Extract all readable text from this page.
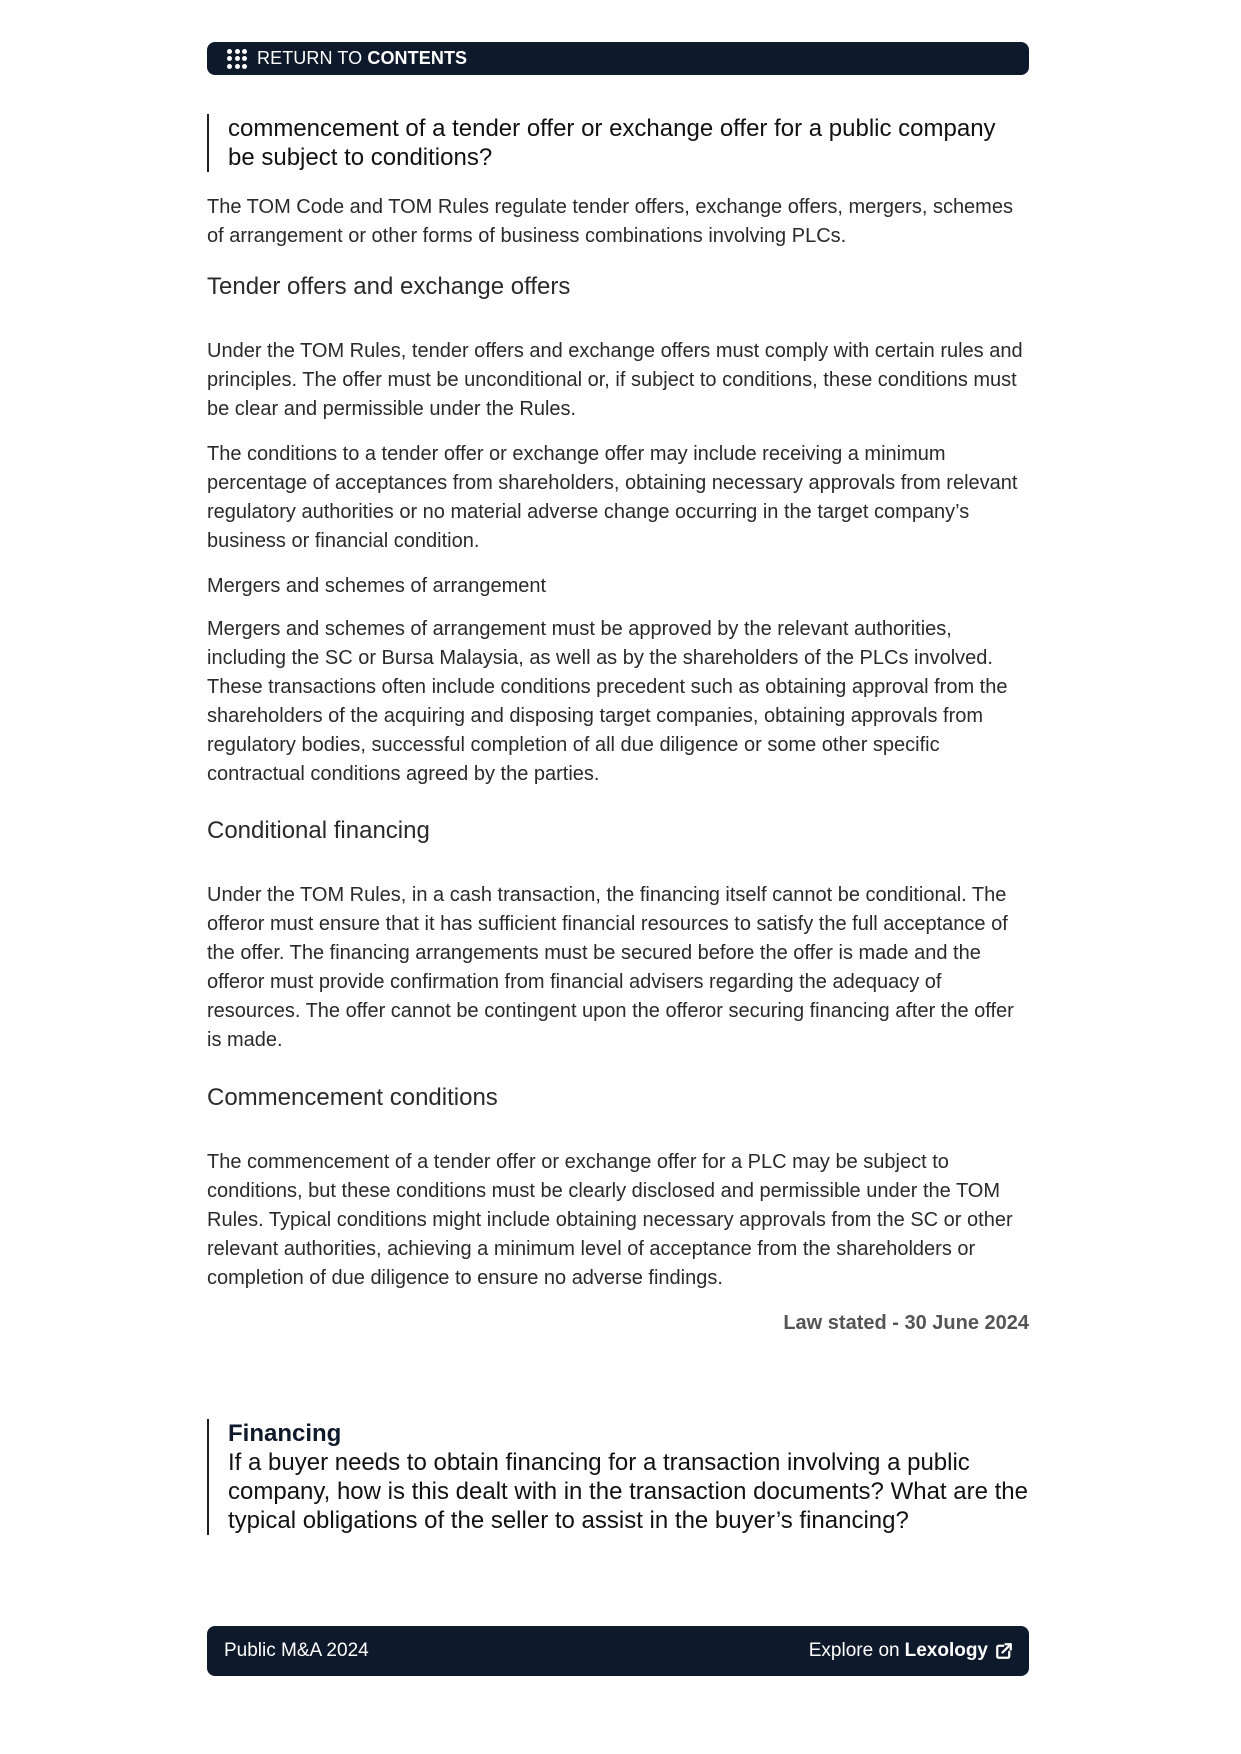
RETURN TO CONTENTS
commencement of a tender offer or exchange offer for a public company be subject to conditions?

The TOM Code and TOM Rules regulate tender offers, exchange offers, mergers, schemes of arrangement or other forms of business combinations involving PLCs.

Tender offers and exchange offers

Under the TOM Rules, tender offers and exchange offers must comply with certain rules and principles. The offer must be unconditional or, if subject to conditions, these conditions must be clear and permissible under the Rules.

The conditions to a tender offer or exchange offer may include receiving a minimum percentage of acceptances from shareholders, obtaining necessary approvals from relevant regulatory authorities or no material adverse change occurring in the target company’s business or financial condition.

Mergers and schemes of arrangement

Mergers and schemes of arrangement must be approved by the relevant authorities, including the SC or Bursa Malaysia, as well as by the shareholders of the PLCs involved. These transactions often include conditions precedent such as obtaining approval from the shareholders of the acquiring and disposing target companies, obtaining approvals from regulatory bodies, successful completion of all due diligence or some other specific contractual conditions agreed by the parties.

Conditional financing

Under the TOM Rules, in a cash transaction, the financing itself cannot be conditional. The offeror must ensure that it has sufficient financial resources to satisfy the full acceptance of the offer. The financing arrangements must be secured before the offer is made and the offeror must provide confirmation from financial advisers regarding the adequacy of resources. The offer cannot be contingent upon the offeror securing financing after the offer is made.

Commencement conditions

The commencement of a tender offer or exchange offer for a PLC may be subject to conditions, but these conditions must be clearly disclosed and permissible under the TOM Rules. Typical conditions might include obtaining necessary approvals from the SC or other relevant authorities, achieving a minimum level of acceptance from the shareholders or completion of due diligence to ensure no adverse findings.

Law stated - 30 June 2024
Financing
If a buyer needs to obtain financing for a transaction involving a public company, how is this dealt with in the transaction documents? What are the typical obligations of the seller to assist in the buyer’s financing?
Public M&A 2024	Explore on Lexology
